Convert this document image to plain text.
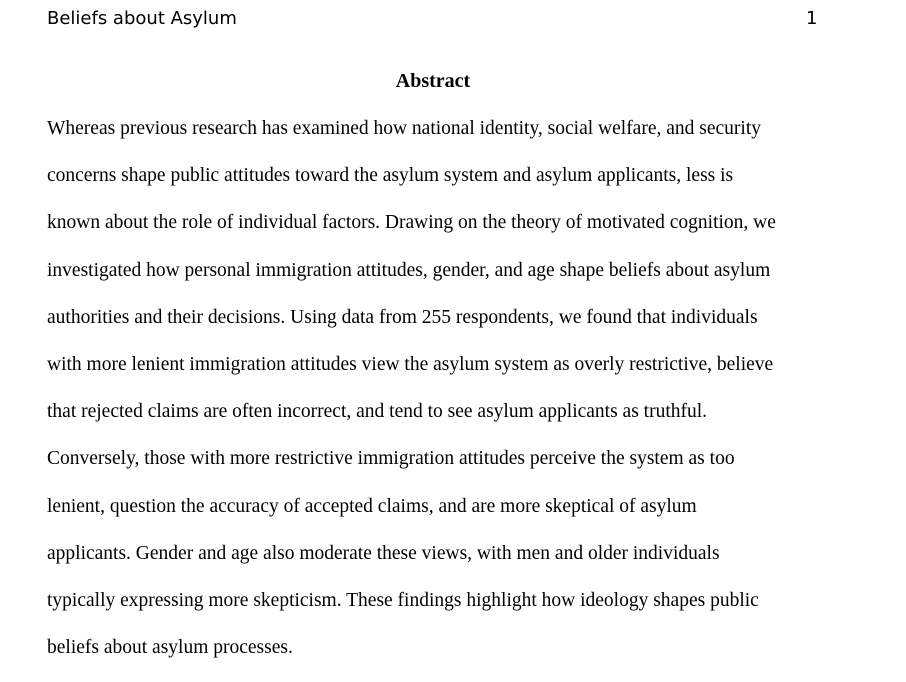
Beliefs about Asylum	1
Abstract
Whereas previous research has examined how national identity, social welfare, and security
concerns shape public attitudes toward the asylum system and asylum applicants, less is
known about the role of individual factors. Drawing on the theory of motivated cognition, we
investigated how personal immigration attitudes, gender, and age shape beliefs about asylum
authorities and their decisions. Using data from 255 respondents, we found that individuals
with more lenient immigration attitudes view the asylum system as overly restrictive, believe
that rejected claims are often incorrect, and tend to see asylum applicants as truthful.
Conversely, those with more restrictive immigration attitudes perceive the system as too
lenient, question the accuracy of accepted claims, and are more skeptical of asylum
applicants. Gender and age also moderate these views, with men and older individuals
typically expressing more skepticism. These findings highlight how ideology shapes public
beliefs about asylum processes.
